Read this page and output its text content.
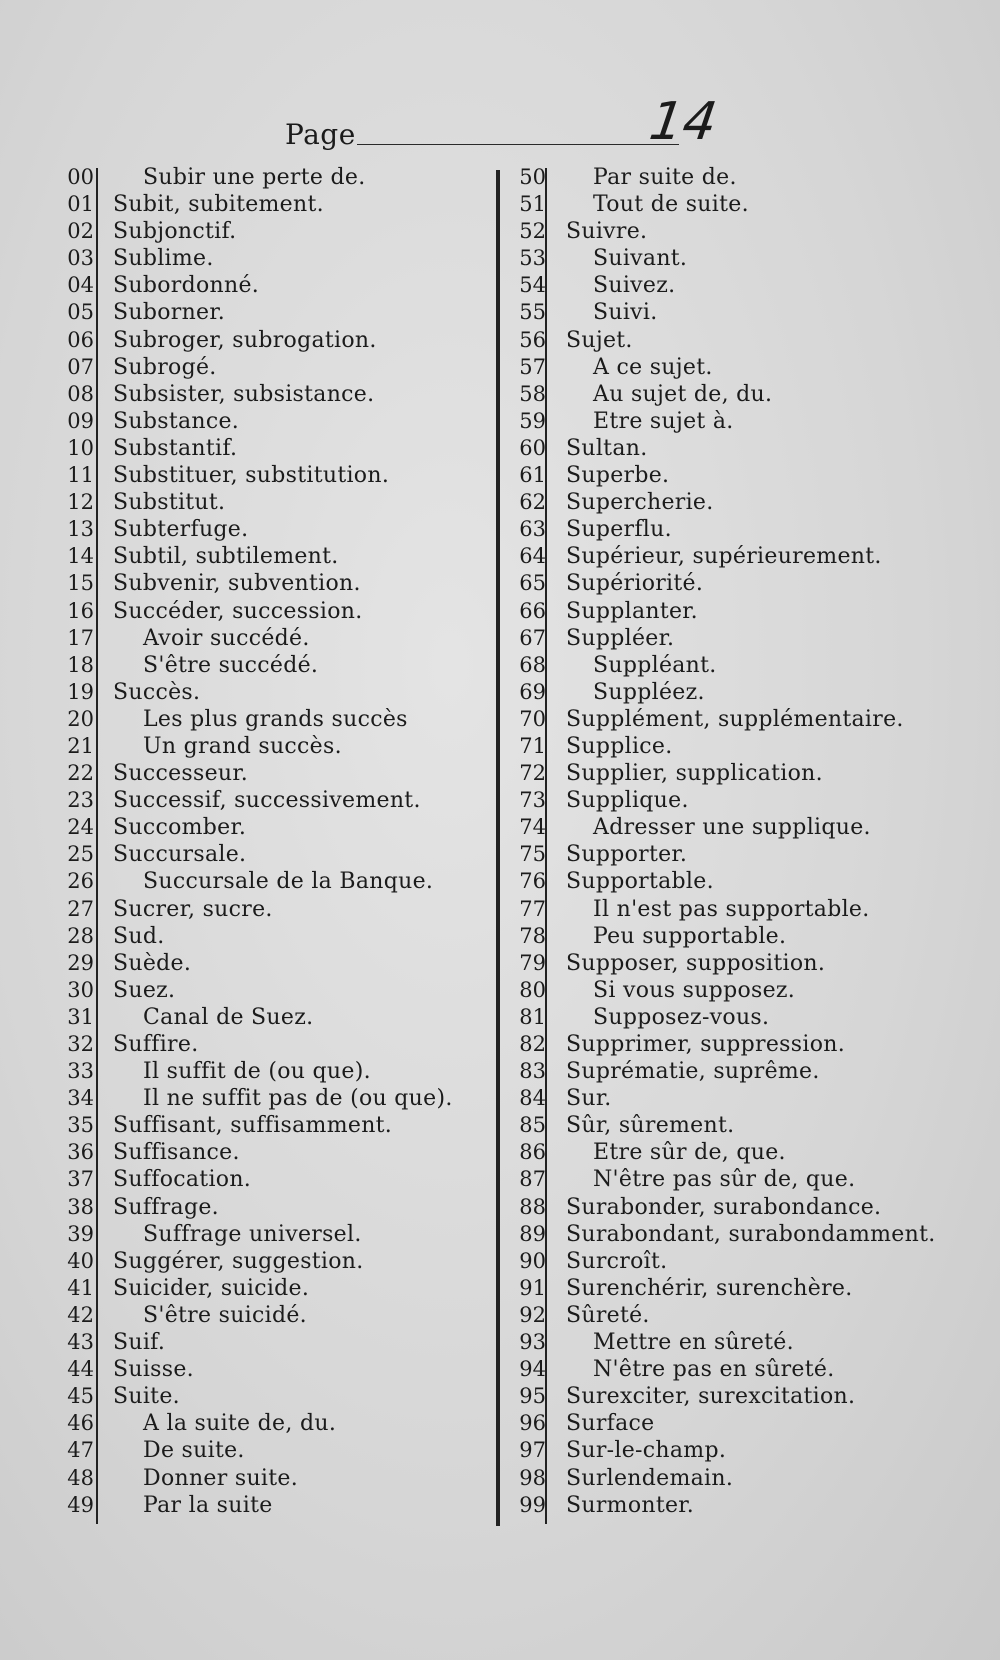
Page	14
00 Subir une perte de.
01 Subit, subitement.
02 Subjonctif.
03 Sublime.
04 Subordonné.
05 Suborner.
06 Subroger, subrogation.
07 Subrogé.
08 Subsister, subsistance.
09 Substance.
10 Substantif.
11 Substituer, substitution.
12 Substitut.
13 Subterfuge.
14 Subtil, subtilement.
15 Subvenir, subvention.
16 Succéder, succession.
17 Avoir succédé.
18 S'être succédé.
19 Succès.
20 Les plus grands succès
21 Un grand succès.
22 Successeur.
23 Successif, successivement.
24 Succomber.
25 Succursale.
26 Succursale de la Banque.
27 Sucrer, sucre.
28 Sud.
29 Suède.
30 Suez.
31 Canal de Suez.
32 Suffire.
33 Il suffit de (ou que).
34 Il ne suffit pas de (ou que).
35 Suffisant, suffisamment.
36 Suffisance.
37 Suffocation.
38 Suffrage.
39 Suffrage universel.
40 Suggérer, suggestion.
41 Suicider, suicide.
42 S'être suicidé.
43 Suif.
44 Suisse.
45 Suite.
46 A la suite de, du.
47 De suite.
48 Donner suite.
49 Par la suite
50 Par suite de.
51 Tout de suite.
52 Suivre.
53 Suivant.
54 Suivez.
55 Suivi.
56 Sujet.
57 A ce sujet.
58 Au sujet de, du.
59 Etre sujet à.
60 Sultan.
61 Superbe.
62 Supercherie.
63 Superflu.
64 Supérieur, supérieurement.
65 Supériorité.
66 Supplanter.
67 Suppléer.
68 Suppléant.
69 Suppléez.
70 Supplément, supplémentaire.
71 Supplice.
72 Supplier, supplication.
73 Supplique.
74 Adresser une supplique.
75 Supporter.
76 Supportable.
77 Il n'est pas supportable.
78 Peu supportable.
79 Supposer, supposition.
80 Si vous supposez.
81 Supposez-vous.
82 Supprimer, suppression.
83 Suprématie, suprême.
84 Sur.
85 Sûr, sûrement.
86 Etre sûr de, que.
87 N'être pas sûr de, que.
88 Surabonder, surabondance.
89 Surabondant, surabondamment.
90 Surcroît.
91 Surenchérir, surenchère.
92 Sûreté.
93 Mettre en sûreté.
94 N'être pas en sûreté.
95 Surexciter, surexcitation.
96 Surface
97 Sur-le-champ.
98 Surlendemain.
99 Surmonter.
